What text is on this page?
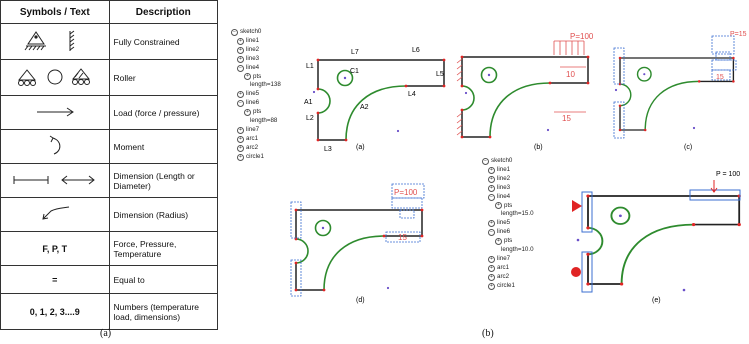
Symbols / Text	Description
	Fully Constrained
	Roller
	Load (force / pressure)
	Moment
	Dimension (Length or Diameter)
	Dimension (Radius)
F, P, T	Force, Pressure, Temperature
=	Equal to
0, 1, 2, 3....9	Numbers (temperature load, dimensions)
(a)
− sketch0
+ line1
+ line2
+ line3
− line4
+ pts
length=138
+ line5
− line6
+ pts
length=88
+ line7
+ arc1
+ arc2
+ circle1
− sketch0
+ line1
+ line2
+ line3
− line4
+ pts
length=15.0
+ line5
− line6
+ pts
length=10.0
+ line7
+ arc1
+ arc2
+ circle1
L1
L2
L3
L4
L5
L6
L7
A1
A2
C1
P=100
10
15
P=15
15
P=100
15
P = 100
(a)	(b)	(c)
(d)	(e)
(b)
